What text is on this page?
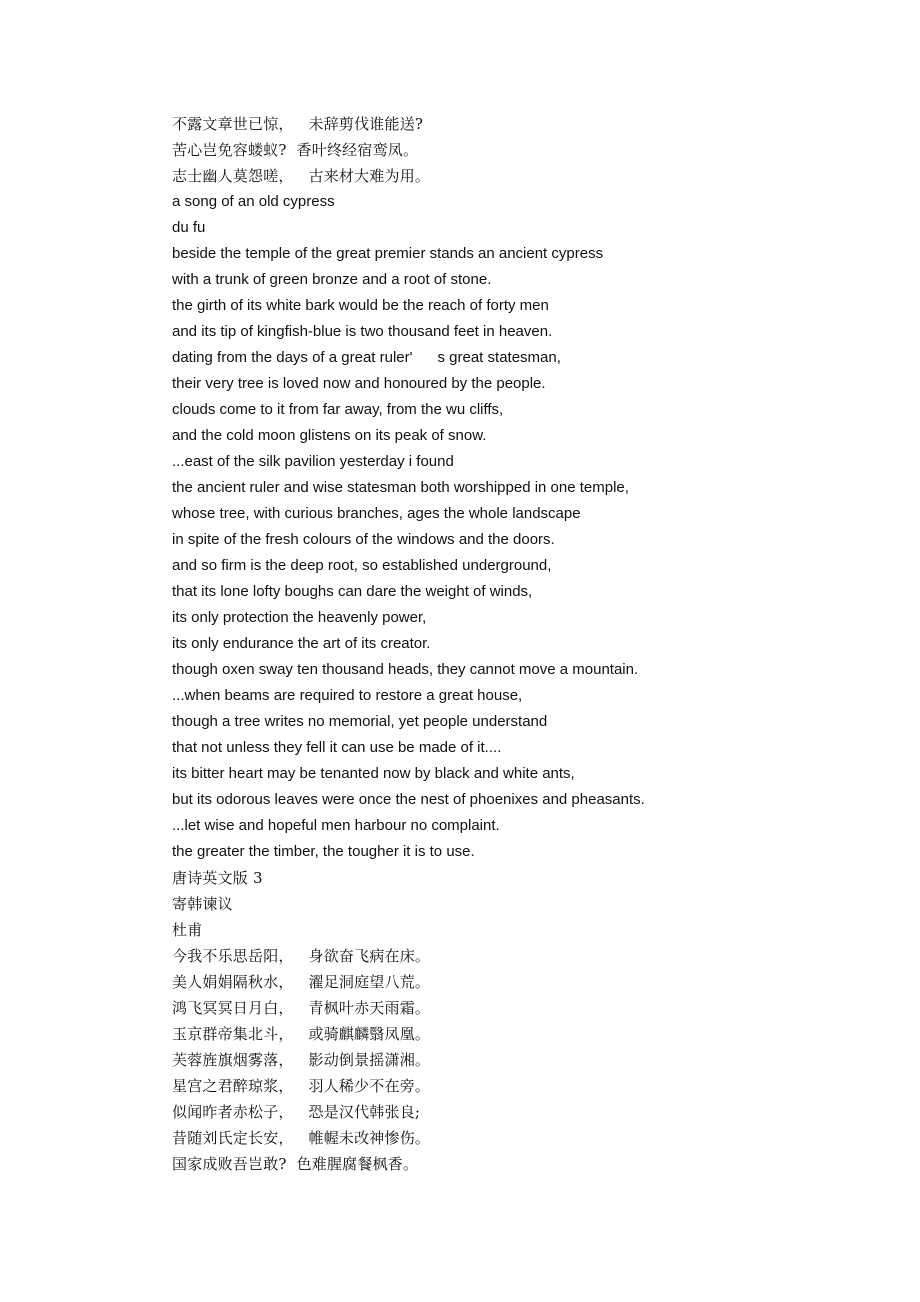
不露文章世已惊，   未辞剪伐谁能送?
苦心岂免容蝼蚁?  香叶终经宿鸾凤。
志士幽人莫怨嗟，   古来材大难为用。
a song of an old cypress
du fu
beside the temple of the great premier stands an ancient cypress
with a trunk of green bronze and a root of stone.
the girth of its white bark would be the reach of forty men
and its tip of kingfish-blue is two thousand feet in heaven.
dating from the days of a great ruler'      s great statesman,
their very tree is loved now and honoured by the people.
clouds come to it from far away, from the wu cliffs,
and the cold moon glistens on its peak of snow.
...east of the silk pavilion yesterday i found
the ancient ruler and wise statesman both worshipped in one temple,
whose tree, with curious branches, ages the whole landscape
in spite of the fresh colours of the windows and the doors.
and so firm is the deep root, so established underground,
that its lone lofty boughs can dare the weight of winds,
its only protection the heavenly power,
its only endurance the art of its creator.
though oxen sway ten thousand heads, they cannot move a mountain.
...when beams are required to restore a great house,
though a tree writes no memorial, yet people understand
that not unless they fell it can use be made of it....
its bitter heart may be tenanted now by black and white ants,
but its odorous leaves were once the nest of phoenixes and pheasants.
...let wise and hopeful men harbour no complaint.
the greater the timber, the tougher it is to use.
唐诗英文版 3
寄韩谏议
杜甫
今我不乐思岳阳，   身欲奋飞病在床。
美人娟娟隔秋水，   濯足洞庭望八荒。
鸿飞冥冥日月白，   青枫叶赤天雨霜。
玉京群帝集北斗，   或骑麒麟翳凤凰。
芙蓉旌旗烟雾落，   影动倒景摇潇湘。
星宫之君醉琼浆，   羽人稀少不在旁。
似闻昨者赤松子，   恐是汉代韩张良;
昔随刘氏定长安，   帷幄未改神惨伤。
国家成败吾岂敢?  色难腥腐餐枫香。
